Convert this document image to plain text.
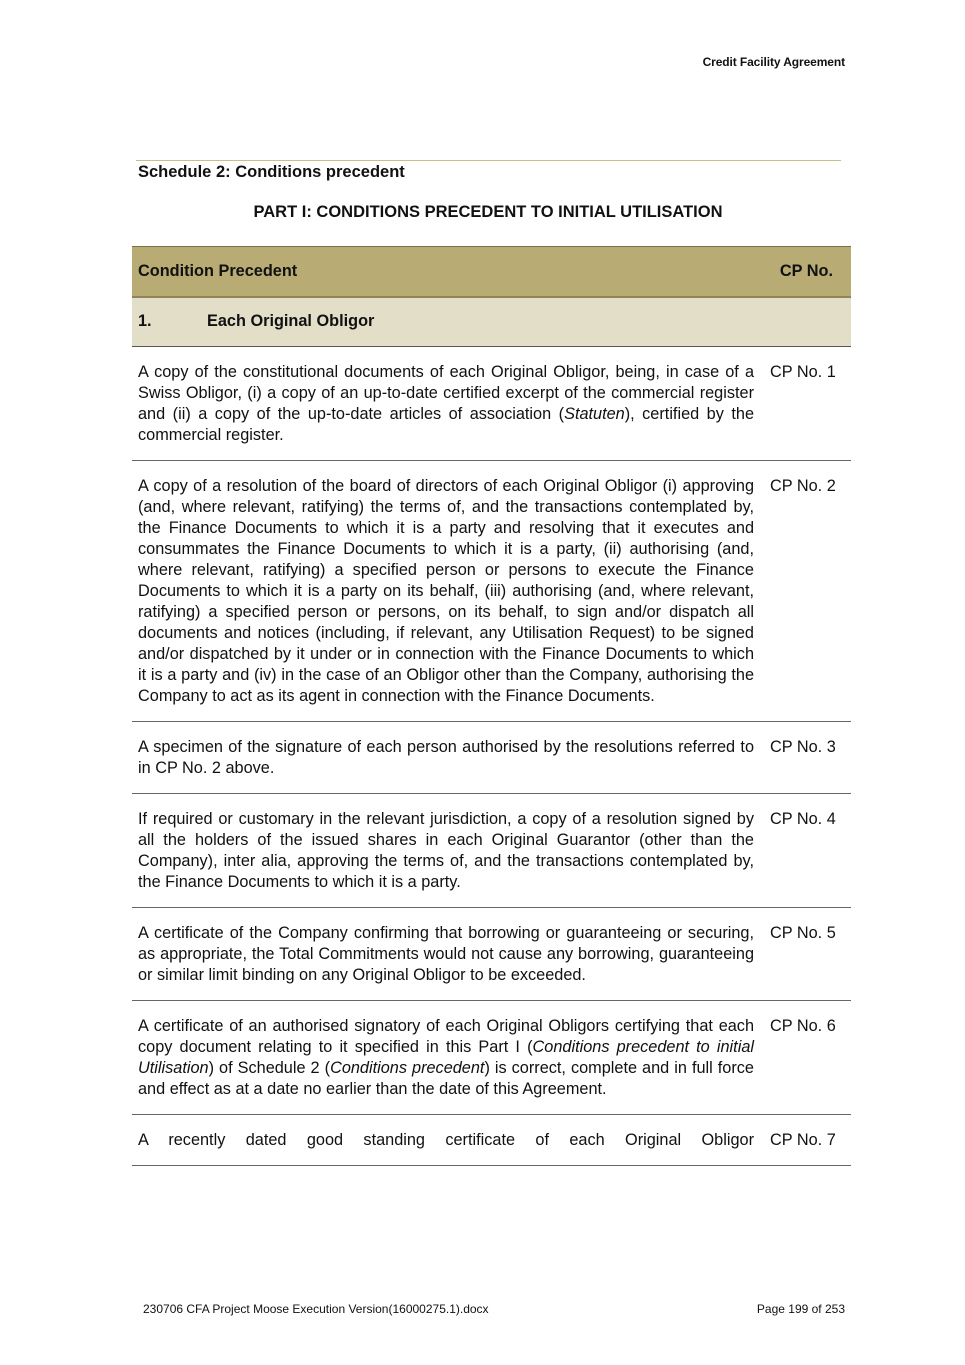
Credit Facility Agreement
Schedule 2: Conditions precedent
PART I: CONDITIONS PRECEDENT TO INITIAL UTILISATION
Condition Precedent	CP No.
1. Each Original Obligor	
A copy of the constitutional documents of each Original Obligor, being, in case of a Swiss Obligor, (i) a copy of an up-to-date certified excerpt of the commercial register and (ii) a copy of the up-to-date articles of association (Statuten), certified by the commercial register.	CP No. 1
A copy of a resolution of the board of directors of each Original Obligor (i) approving (and, where relevant, ratifying) the terms of, and the transactions contemplated by, the Finance Documents to which it is a party and resolving that it executes and consummates the Finance Documents to which it is a party, (ii) authorising (and, where relevant, ratifying) a specified person or persons to execute the Finance Documents to which it is a party on its behalf, (iii) authorising (and, where relevant, ratifying) a specified person or persons, on its behalf, to sign and/or dispatch all documents and notices (including, if relevant, any Utilisation Request) to be signed and/or dispatched by it under or in connection with the Finance Documents to which it is a party and (iv) in the case of an Obligor other than the Company, authorising the Company to act as its agent in connection with the Finance Documents.	CP No. 2
A specimen of the signature of each person authorised by the resolutions referred to in CP No. 2 above.	CP No. 3
If required or customary in the relevant jurisdiction, a copy of a resolution signed by all the holders of the issued shares in each Original Guarantor (other than the Company), inter alia, approving the terms of, and the transactions contemplated by, the Finance Documents to which it is a party.	CP No. 4
A certificate of the Company confirming that borrowing or guaranteeing or securing, as appropriate, the Total Commitments would not cause any borrowing, guaranteeing or similar limit binding on any Original Obligor to be exceeded.	CP No. 5
A certificate of an authorised signatory of each Original Obligors certifying that each copy document relating to it specified in this Part I (Conditions precedent to initial Utilisation) of Schedule 2 (Conditions precedent) is correct, complete and in full force and effect as at a date no earlier than the date of this Agreement.	CP No. 6
A recently dated good standing certificate of each Original Obligor	CP No. 7
230706 CFA Project Moose Execution Version(16000275.1).docx	Page 199 of 253
